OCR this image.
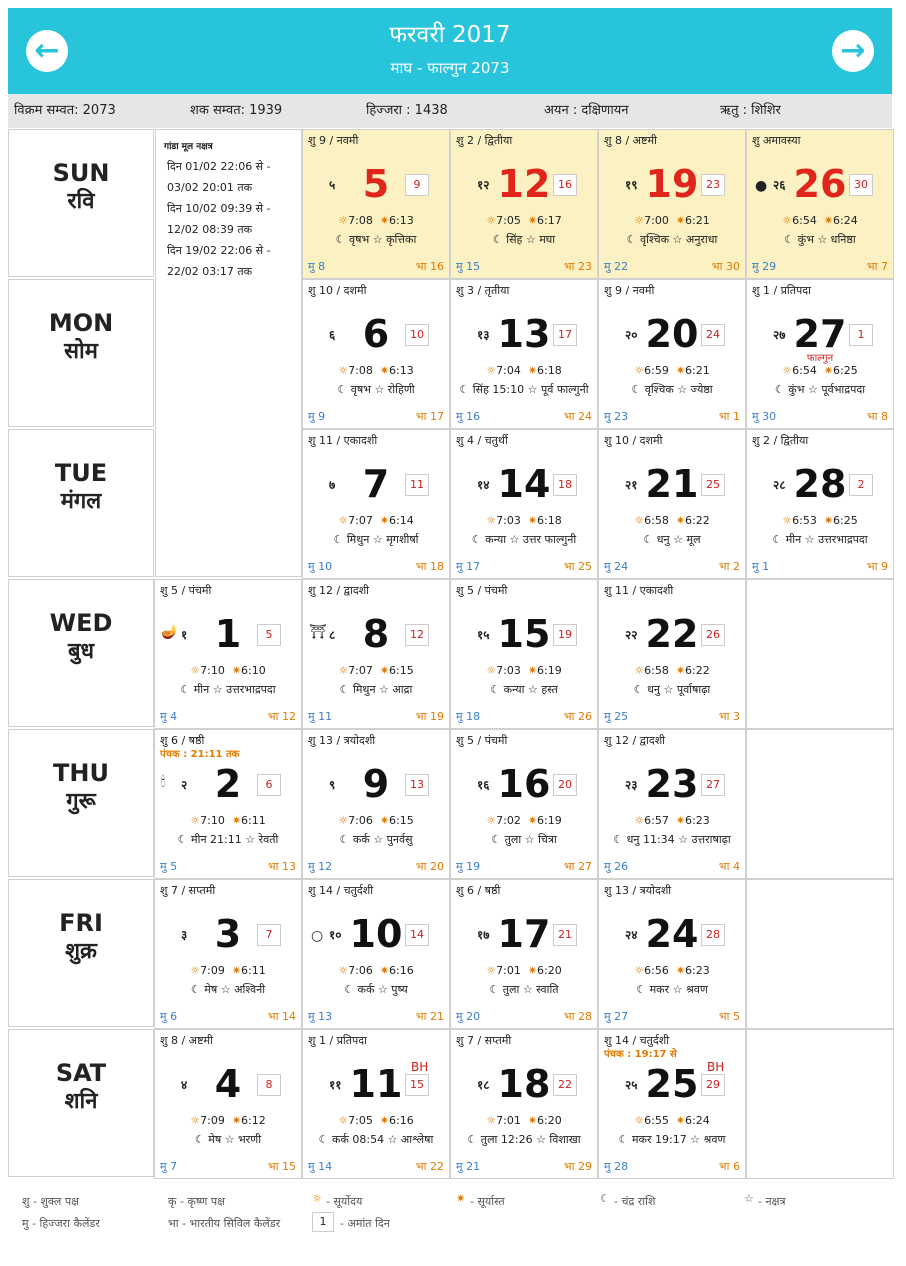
←	फरवरी 2017
माघ - फाल्गुन 2073	→
विक्रम सम्वत: 2073	शक सम्वत: 1939	हिज्जरा : 1438	अयन : दक्षिणायन	ऋतु : शिशिर
गांडा मूल नक्षत्र
दिन 01/02 22:06 से -
03/02 20:01 तक
दिन 10/02 09:39 से -
12/02 08:39 तक
दिन 19/02 22:06 से -
22/02 03:17 तक
SUN
रवि
MON
सोम
TUE
मंगल
WED
बुध
THU
गुरू
FRI
शुक्र
SAT
शनि
शु 9 / नवमी
५ 5	9
☼7:08 ✷6:13
☾ वृषभ ☆ कृत्तिका
मु 8	भा 16
शु 2 / द्वितीया
१२ 12 16
☼7:05 ✷6:17
☾ सिंह ☆ मघा
मु 15	भा 23
शु 8 / अष्टमी
१९ 19 23
☼7:00 ✷6:21
☾ वृश्चिक ☆ अनुराधा
मु 22	भा 30
शु अमावस्या
● २६ 26 30
☼6:54 ✷6:24
☾ कुंभ ☆ धनिष्ठा
मु 29	भा 7
शु 10 / दशमी
६ 6	10
☼7:08 ✷6:13
☾ वृषभ ☆ रोहिणी
मु 9	भा 17
शु 3 / तृतीया
१३ 13 17
☼7:04 ✷6:18
☾ सिंह 15:10 ☆ पूर्व फाल्गुनी
मु 16	भा 24
शु 9 / नवमी
२० 20 24
☼6:59 ✷6:21
☾ वृश्चिक ☆ ज्येष्ठा
मु 23	भा 1
शु 1 / प्रतिपदा
२७ 27	1
फाल्गुन
☼6:54 ✷6:25
☾ कुंभ ☆ पूर्वभाद्रपदा
मु 30	भा 8
शु 11 / एकादशी
७ 7	11
☼7:07 ✷6:14
☾ मिथुन ☆ मृगशीर्षा
मु 10	भा 18
शु 4 / चतुर्थी
१४ 14 18
☼7:03 ✷6:18
☾ कन्या ☆ उत्तर फाल्गुनी
मु 17	भा 25
शु 10 / दशमी
२१ 21 25
☼6:58 ✷6:22
☾ धनु ☆ मूल
मु 24	भा 2
शु 2 / द्वितीया
२८ 28	2
☼6:53 ✷6:25
☾ मीन ☆ उत्तरभाद्रपदा
मु 1	भा 9
शु 5 / पंचमी
🪔 १ 1	5
☼7:10 ✷6:10
☾ मीन ☆ उत्तरभाद्रपदा
मु 4	भा 12
शु 12 / द्वादशी
⛩ ८ 8	12
☼7:07 ✷6:15
☾ मिथुन ☆ आद्रा
मु 11	भा 19
शु 5 / पंचमी
१५ 15 19
☼7:03 ✷6:19
☾ कन्या ☆ हस्त
मु 18	भा 26
शु 11 / एकादशी
२२ 22 26
☼6:58 ✷6:22
☾ धनु ☆ पूर्वाषाढ़ा
मु 25	भा 3
शु 6 / षष्ठी
पंचक : 21:11 तक
🕯 २ 2	6
☼7:10 ✷6:11
☾ मीन 21:11 ☆ रेवती
मु 5	भा 13
शु 13 / त्रयोदशी
९ 9	13
☼7:06 ✷6:15
☾ कर्क ☆ पुनर्वसु
मु 12	भा 20
शु 5 / पंचमी
१६ 16 20
☼7:02 ✷6:19
☾ तुला ☆ चित्रा
मु 19	भा 27
शु 12 / द्वादशी
२३ 23 27
☼6:57 ✷6:23
☾ धनु 11:34 ☆ उत्तराषाढ़ा
मु 26	भा 4
शु 7 / सप्तमी
३ 3	7
☼7:09 ✷6:11
☾ मेष ☆ अश्विनी
मु 6	भा 14
शु 14 / चतुर्दशी
○ १० 10 14
☼7:06 ✷6:16
☾ कर्क ☆ पुष्य
मु 13	भा 21
शु 6 / षष्ठी
१७ 17 21
☼7:01 ✷6:20
☾ तुला ☆ स्वाति
मु 20	भा 28
शु 13 / त्रयोदशी
२४ 24 28
☼6:56 ✷6:23
☾ मकर ☆ श्रवण
मु 27	भा 5
शु 8 / अष्टमी
४ 4	8
☼7:09 ✷6:12
☾ मेष ☆ भरणी
मु 7	भा 15
शु 1 / प्रतिपदा
११ 11 BH
15
☼7:05 ✷6:16
☾ कर्क 08:54 ☆ आश्लेषा
मु 14	भा 22
शु 7 / सप्तमी
१८ 18 22
☼7:01 ✷6:20
☾ तुला 12:26 ☆ विशाखा
मु 21	भा 29
शु 14 / चतुर्दशी
पंचक : 19:17 से
२५ 25 BH
29
☼6:55 ✷6:24
☾ मकर 19:17 ☆ श्रवण
मु 28	भा 6
शु - शुक्ल पक्ष	कृ - कृष्ण पक्ष	☼ - सूर्योदय	✷ - सूर्यास्त	☾ - चंद्र राशि	☆ - नक्षत्र
मु - हिज्जरा कैलेंडर	भा - भारतीय सिविल कैलेंडर	1	- अमांत दिन
